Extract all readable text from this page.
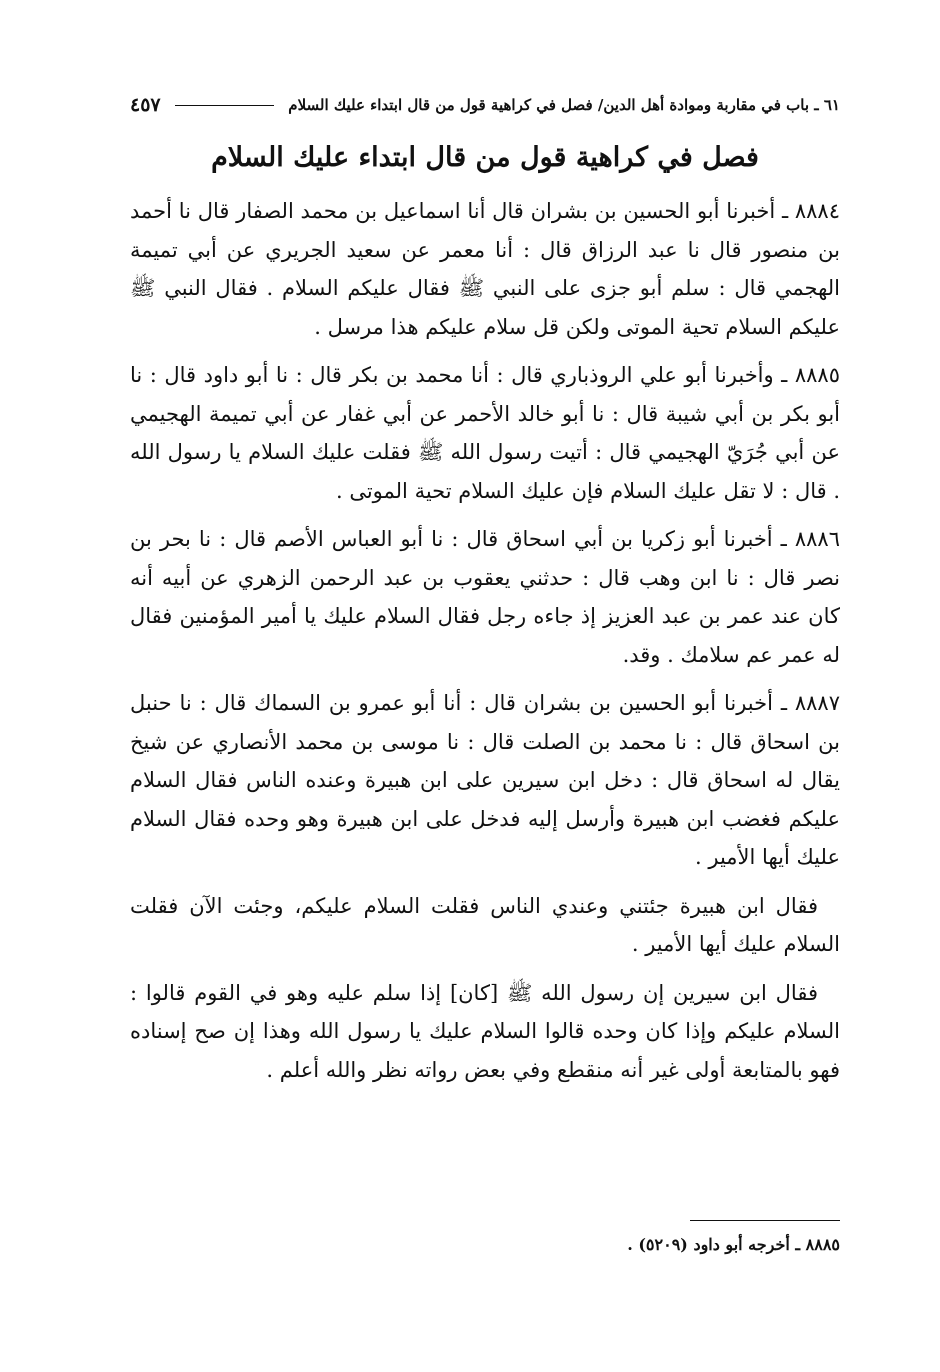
٦١ ـ باب في مقاربة وموادة أهل الدين/ فصل في كراهية قول من قال ابتداء عليك السلام
٤٥٧
فصل في كراهية قول من قال ابتداء عليك السلام

٨٨٨٤ ـ أخبرنا أبو الحسين بن بشران قال أنا اسماعيل بن محمد الصفار قال نا أحمد بن منصور قال نا عبد الرزاق قال : أنا معمر عن سعيد الجريري عن أبي تميمة الهجمي قال : سلم أبو جزى على النبي ﷺ فقال عليكم السلام . فقال النبي ﷺ عليكم السلام تحية الموتى ولكن قل سلام عليكم هذا مرسل .

٨٨٨٥ ـ وأخبرنا أبو علي الروذباري قال : أنا محمد بن بكر قال : نا أبو داود قال : نا أبو بكر بن أبي شيبة قال : نا أبو خالد الأحمر عن أبي غفار عن أبي تميمة الهجيمي عن أبي جُرَيّ الهجيمي قال : أتيت رسول الله ﷺ فقلت عليك السلام يا رسول الله . قال : لا تقل عليك السلام فإن عليك السلام تحية الموتى .

٨٨٨٦ ـ أخبرنا أبو زكريا بن أبي اسحاق قال : نا أبو العباس الأصم قال : نا بحر بن نصر قال : نا ابن وهب قال : حدثني يعقوب بن عبد الرحمن الزهري عن أبيه أنه كان عند عمر بن عبد العزيز إذ جاءه رجل فقال السلام عليك يا أمير المؤمنين فقال له عمر عم سلامك . وقد.

٨٨٨٧ ـ أخبرنا أبو الحسين بن بشران قال : أنا أبو عمرو بن السماك قال : نا حنبل بن اسحاق قال : نا محمد بن الصلت قال : نا موسى بن محمد الأنصاري عن شيخ يقال له اسحاق قال : دخل ابن سيرين على ابن هبيرة وعنده الناس فقال السلام عليكم فغضب ابن هبيرة وأرسل إليه فدخل على ابن هبيرة وهو وحده فقال السلام عليك أيها الأمير .

فقال ابن هبيرة جئتني وعندي الناس فقلت السلام عليكم، وجئت الآن فقلت السلام عليك أيها الأمير .

فقال ابن سيرين إن رسول الله ﷺ [كان] إذا سلم عليه وهو في القوم قالوا : السلام عليكم وإذا كان وحده قالوا السلام عليك يا رسول الله وهذا إن صح إسناده فهو بالمتابعة أولى غير أنه منقطع وفي بعض رواته نظر والله أعلم .

٨٨٨٥ ـ أخرجه أبو داود (٥٢٠٩) .
